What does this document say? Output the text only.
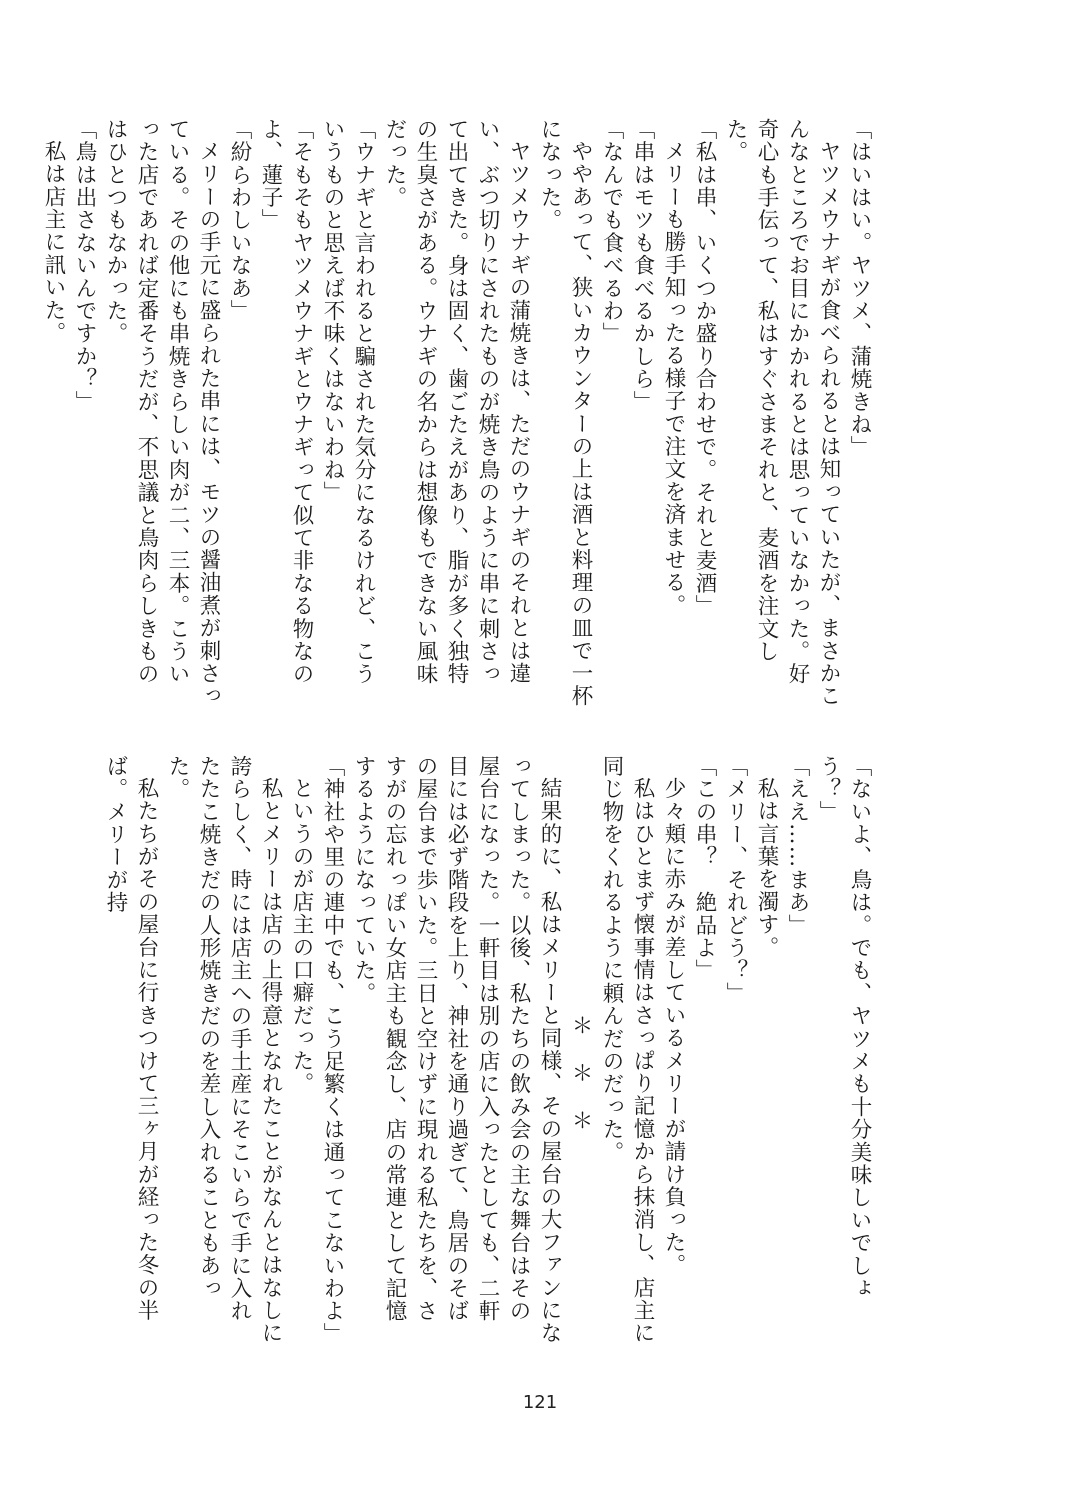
「はいはい。ヤツメ、蒲焼きね」

ヤツメウナギが食べられるとは知っていたが、まさかこんなところでお目にかかれるとは思っていなかった。好奇心も手伝って、私はすぐさまそれと、麦酒を注文した。

「私は串、いくつか盛り合わせで。それと麦酒」

メリーも勝手知ったる様子で注文を済ませる。

「串はモツも食べるかしら」

「なんでも食べるわ」

ややあって、狭いカウンターの上は酒と料理の皿で一杯になった。

ヤツメウナギの蒲焼きは、ただのウナギのそれとは違い、ぶつ切りにされたものが焼き鳥のように串に刺さって出てきた。身は固く、歯ごたえがあり、脂が多く独特の生臭さがある。ウナギの名からは想像もできない風味だった。

「ウナギと言われると騙された気分になるけれど、こういうものと思えば不味くはないわね」

「そもそもヤツメウナギとウナギって似て非なる物なのよ、蓮子」

「紛らわしいなあ」

メリーの手元に盛られた串には、モツの醤油煮が刺さっている。その他にも串焼きらしい肉が二、三本。こういった店であれば定番そうだが、不思議と鳥肉らしきものはひとつもなかった。

「鳥は出さないんですか？」

私は店主に訊いた。

「ないよ、鳥は。でも、ヤツメも十分美味しいでしょう？」

「ええ……まあ」

私は言葉を濁す。

「メリー、それどう？」

「この串？　絶品よ」

少々頬に赤みが差しているメリーが請け負った。

私はひとまず懐事情はさっぱり記憶から抹消し、店主に同じ物をくれるように頼んだのだった。

＊＊＊

結果的に、私はメリーと同様、その屋台の大ファンになってしまった。以後、私たちの飲み会の主な舞台はその屋台になった。一軒目は別の店に入ったとしても、二軒目には必ず階段を上り、神社を通り過ぎて、鳥居のそばの屋台まで歩いた。三日と空けずに現れる私たちを、さすがの忘れっぽい女店主も観念し、店の常連として記憶するようになっていた。

「神社や里の連中でも、こう足繁くは通ってこないわよ」

というのが店主の口癖だった。

私とメリーは店の上得意となれたことがなんとはなしに誇らしく、時には店主への手土産にそこいらで手に入れたたこ焼きだの人形焼きだのを差し入れることもあった。

私たちがその屋台に行きつけて三ヶ月が経った冬の半ば。メリーが持

121
